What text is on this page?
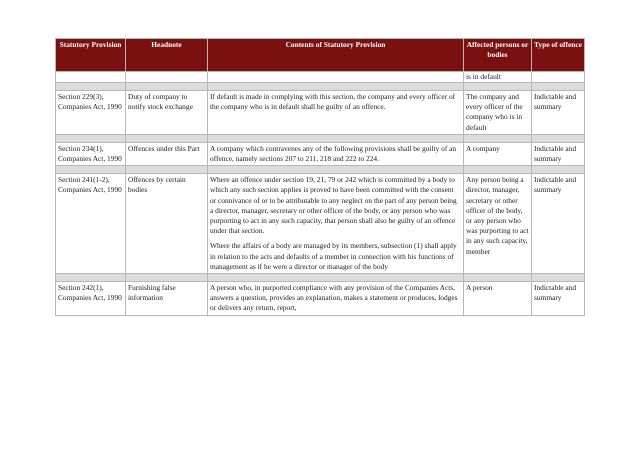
Statutory Provision	Headnote	Contents of Statutory Provision	Affected persons or bodies	Type of offence
			is in default	

Section 229(3), Companies Act, 1990	Duty of company to notify stock exchange	If default is made in complying with this section, the company and every officer of the company who is in default shall be guilty of an offence.	The company and every officer of the company who is in default	Indictable and summary

Section 234(1), Companies Act, 1990	Offences under this Part	A company which contravenes any of the following provisions shall be guilty of an offence, namely sections 207 to 211, 218 and 222 to 224.	A company	Indictable and summary

Section 241(1-2), Companies Act, 1990	Offences by certain bodies	Where an offence under section 19, 21, 79 or 242 which is committed by a body to which any such section applies is proved to have been committed with the consent or connivance of or to be attributable to any neglect on the part of any person being a director, manager, secretary or other officer of the body, or any person who was purporting to act in any such capacity, that person shall also be guilty of an offence under that section.
Where the affairs of a body are managed by its members, subsection (1) shall apply in relation to the acts and defaults of a member in connection with his functions of management as if he were a director or manager of the body	Any person being a director, manager, secretary or other officer of the body, or any person who was purporting to act in any such capacity, member	Indictable and summary

Section 242(1), Companies Act, 1990	Furnishing false information	A person who, in purported compliance with any provision of the Companies Acts, answers a question, provides an explanation, makes a statement or produces, lodges or delivers any return, report,	A person	Indictable and summary
